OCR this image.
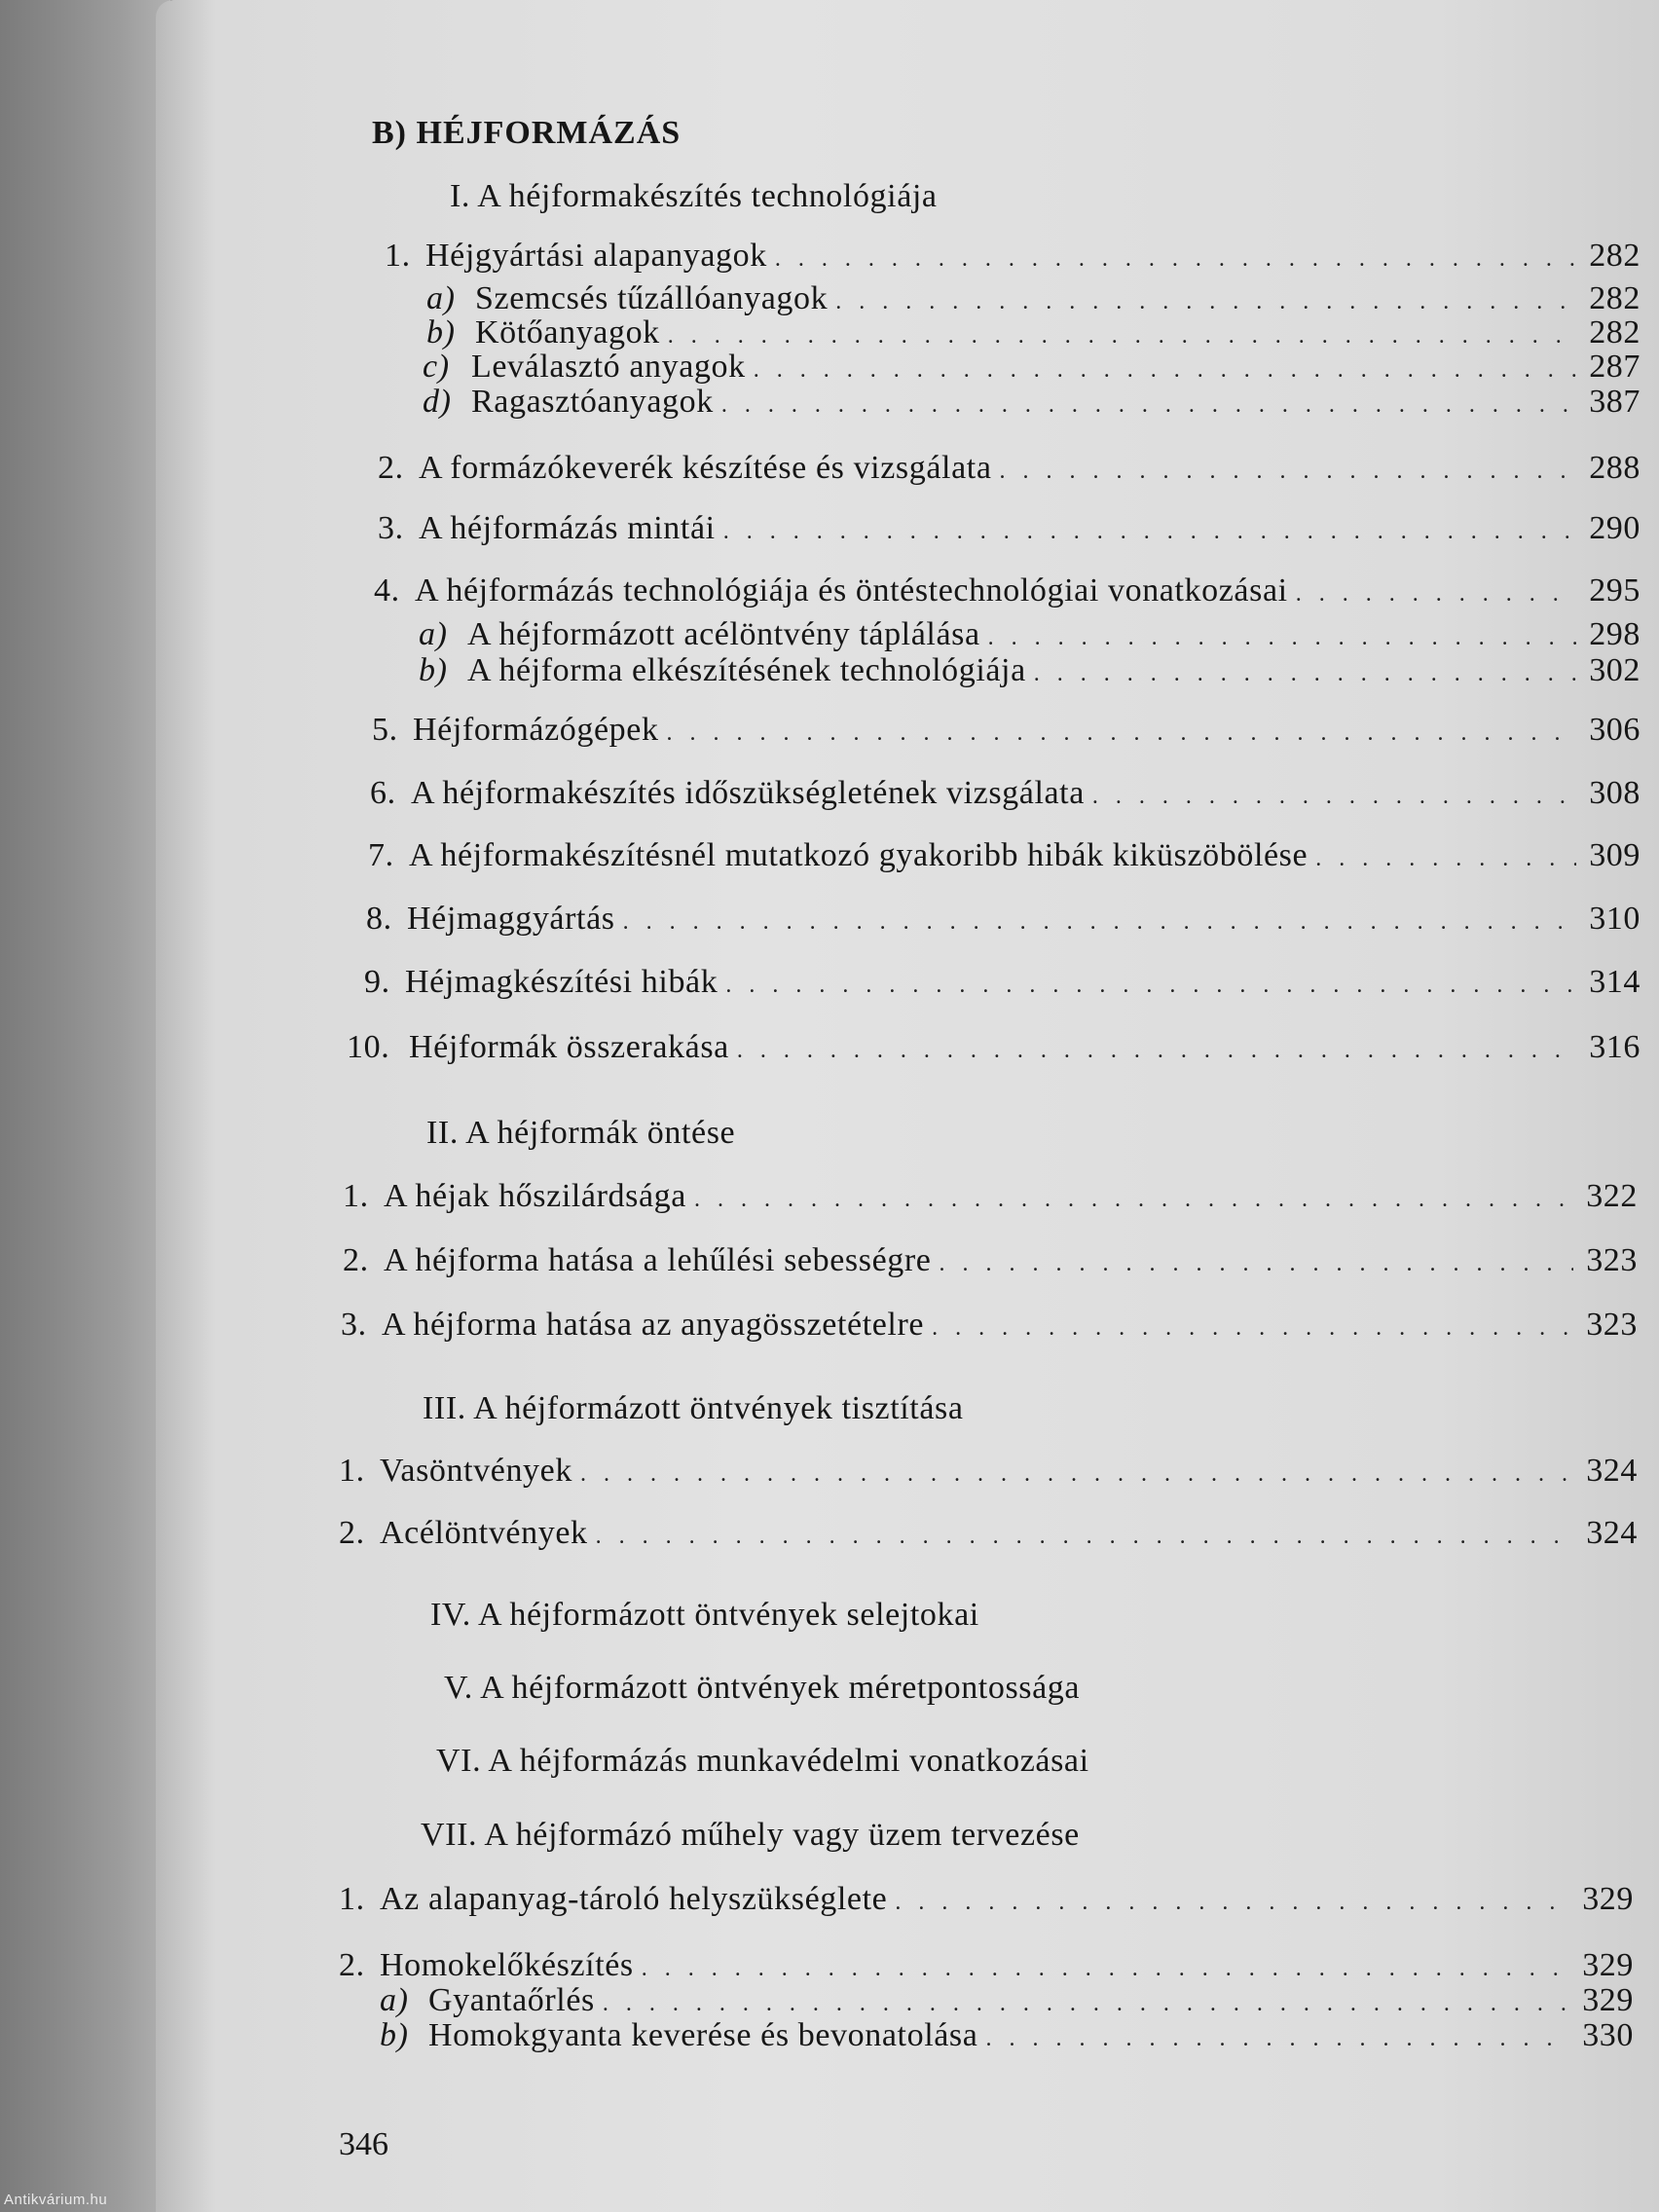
B) HÉJFORMÁZÁS
I. A héjformakészítés technológiája
1. Héjgyártási alapanyagok . . .	282
a) Szemcsés tűzállóanyagok . . .	282
b) Kötőanyagok . . .	282
c) Leválasztó anyagok . . .	287
d) Ragasztóanyagok . . .	387
2. A formázókeverék készítése és vizsgálata . . .	288
3. A héjformázás mintái . . .	290
4. A héjformázás technológiája és öntéstechnológiai vonatkozásai . . .	295
a) A héjformázott acélöntvény táplálása . . .	298
b) A héjforma elkészítésének technológiája . . .	302
5. Héjformázógépek . . .	306
6. A héjformakészítés időszükségletének vizsgálata . . .	308
7. A héjformakészítésnél mutatkozó gyakoribb hibák kiküszöbölése . . .	309
8. Héjmaggyártás . . .	310
9. Héjmagkészítési hibák . . .	314
10. Héjformák összerakása . . .	316
II. A héjformák öntése
1. A héjak hőszilárdsága . . .	322
2. A héjforma hatása a lehűlési sebességre . . .	323
3. A héjforma hatása az anyagösszetételre . . .	323
III. A héjformázott öntvények tisztítása
1. Vasöntvények . . .	324
2. Acélöntvények . . .	324
IV. A héjformázott öntvények selejtokai
V. A héjformázott öntvények méretpontossága
VI. A héjformázás munkavédelmi vonatkozásai
VII. A héjformázó műhely vagy üzem tervezése
1. Az alapanyag-tároló helyszükséglete . . .	329
2. Homokelőkészítés . . .	329
a) Gyantaőrlés . . .	329
b) Homokgyanta keverése és bevonatolása . . .	330
346
Antikvárium.hu
